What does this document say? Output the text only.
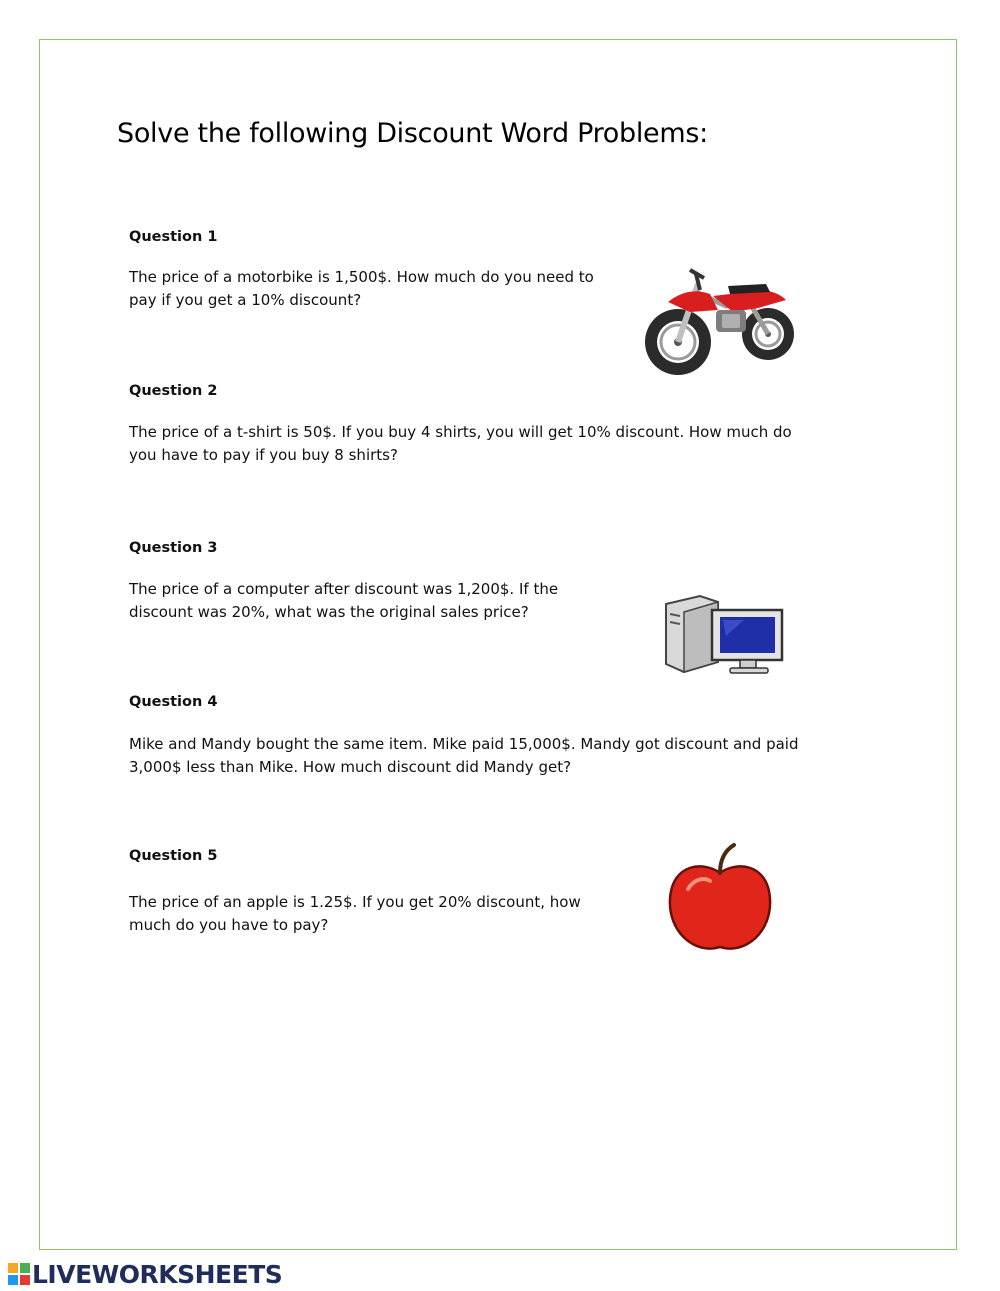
Solve the following Discount Word Problems:

Question 1

The price of a motorbike is 1,500$. How much do you need to
pay if you get a 10% discount?

Question 2

The price of a t-shirt is 50$. If you buy 4 shirts, you will get 10% discount. How much do
you have to pay if you buy 8 shirts?

Question 3

The price of a computer after discount was 1,200$. If the
discount was 20%, what was the original sales price?

Question 4

Mike and Mandy bought the same item. Mike paid 15,000$. Mandy got discount and paid
3,000$ less than Mike. How much discount did Mandy get?

Question 5

The price of an apple is 1.25$. If you get 20% discount, how
much do you have to pay?

LIVEWORKSHEETS
